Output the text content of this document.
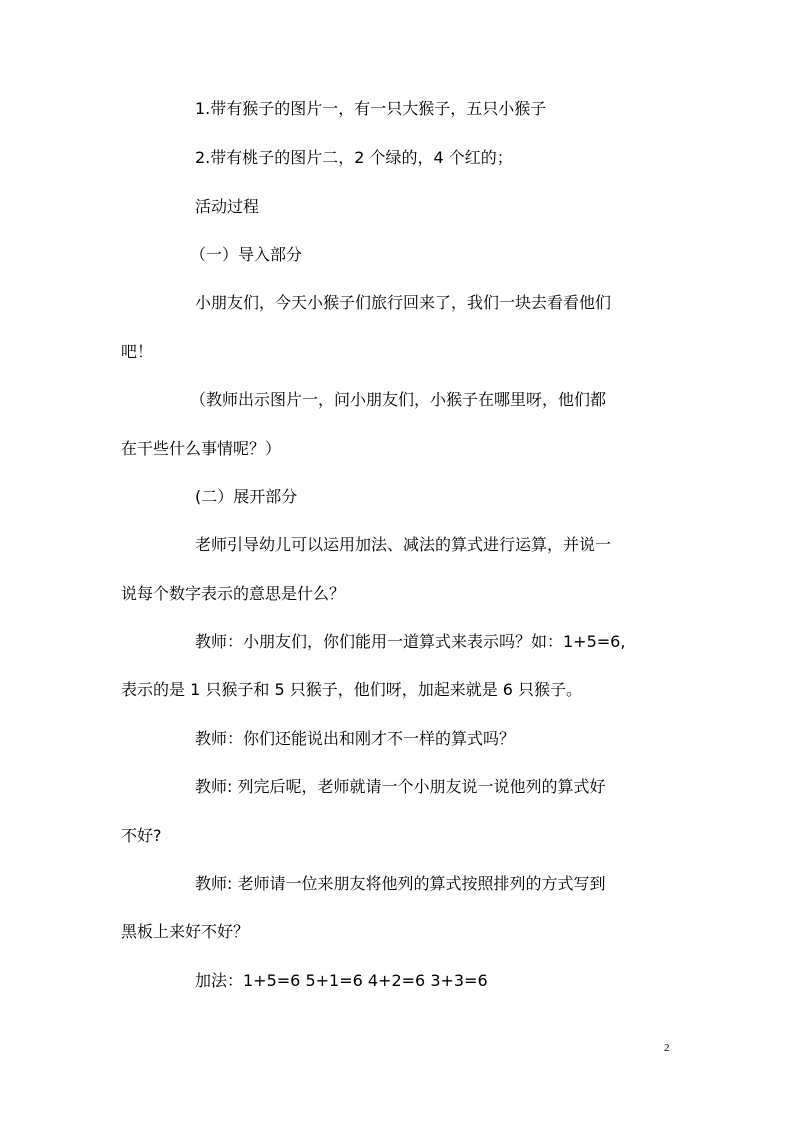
1.带有猴子的图片一，有一只大猴子，五只小猴子
2.带有桃子的图片二，2 个绿的，4 个红的；
活动过程
（一）导入部分
小朋友们，今天小猴子们旅行回来了，我们一块去看看他们
吧！
（教师出示图片一，问小朋友们，小猴子在哪里呀，他们都
在干些什么事情呢？）
(二）展开部分
老师引导幼儿可以运用加法、减法的算式进行运算，并说一
说每个数字表示的意思是什么？
教师：小朋友们，你们能用一道算式来表示吗？如：1+5=6,
表示的是 1 只猴子和 5 只猴子，他们呀，加起来就是 6 只猴子。
教师：你们还能说出和刚才不一样的算式吗？
教师: 列完后呢，老师就请一个小朋友说一说他列的算式好
不好?
教师: 老师请一位来朋友将他列的算式按照排列的方式写到
黑板上来好不好？
加法：1+5=6 5+1=6 4+2=6 3+3=6
2
